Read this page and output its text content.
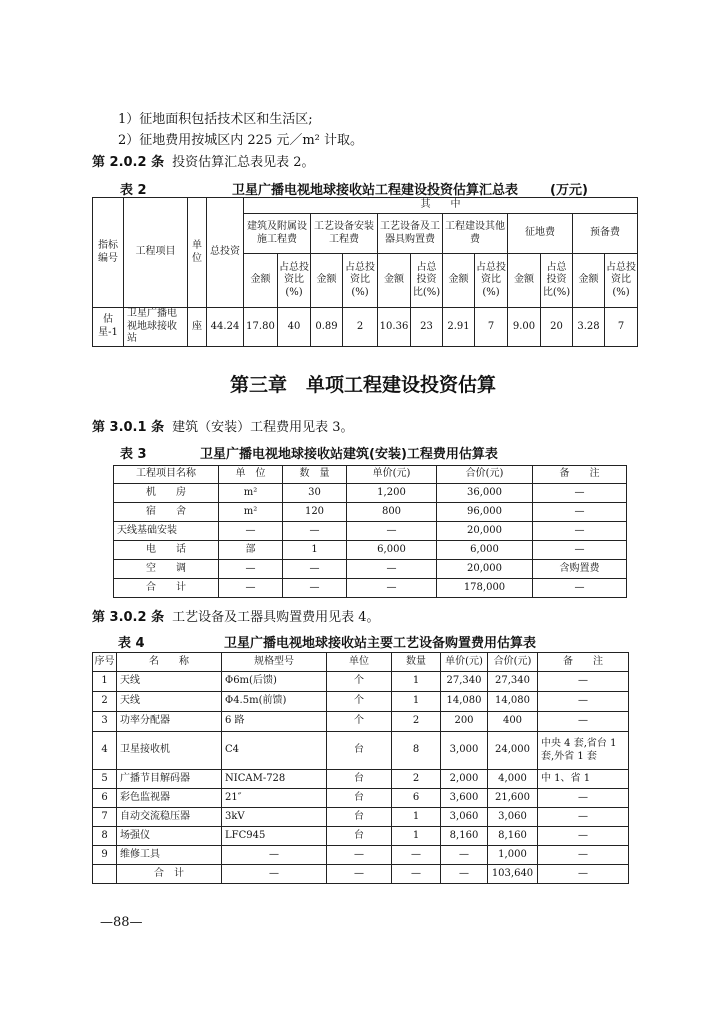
1）征地面积包括技术区和生活区;
2）征地费用按城区内 225 元／m² 计取。
第 2.0.2 条 投资估算汇总表见表 2。
表 2	卫星广播电视地球接收站工程建设投资估算汇总表 (万元)
指标编号	工程项目	单位	总投资	其　　中											
				建筑及附属设施工程费		工艺设备安装工程费		工艺设备及工器具购置费		工程建设其他费		征地费		预备费	
				金额	占总投资比(%)	金额	占总投资比(%)	金额	占总投资比(%)	金额	占总投资比(%)	金额	占总投资比(%)	金额	占总投资比(%)
估星-1	卫星广播电视地球接收站	座	44.24	17.80	40	0.89	2	10.36	23	2.91	7	9.00	20	3.28	7
第三章　单项工程建设投资估算
第 3.0.1 条 建筑（安装）工程费用见表 3。
表 3	卫星广播电视地球接收站建筑(安装)工程费用估算表
工程项目名称	单　位	数　量	单价(元)	合价(元)	备　　注
机　　房	m²	30	1,200	36,000	—
宿　　舍	m²	120	800	96,000	—
天线基础安装	—	—	—	20,000	—
电　　话	部	1	6,000	6,000	—
空　　调	—	—	—	20,000	含购置费
合　　计	—	—	—	178,000	—
第 3.0.2 条 工艺设备及工器具购置费用见表 4。
表 4	卫星广播电视地球接收站主要工艺设备购置费用估算表
序号	名　　称	规格型号	单位	数量	单价(元)	合价(元)	备　　注
1	天线	Φ6m(后馈)	个	1	27,340	27,340	—
2	天线	Φ4.5m(前馈)	个	1	14,080	14,080	—
3	功率分配器	6 路	个	2	200	400	—
4	卫星接收机	C4	台	8	3,000	24,000	中央 4 套,省台 1 套,外省 1 套
5	广播节目解码器	NICAM-728	台	2	2,000	4,000	中 1、省 1
6	彩色监视器	21″	台	6	3,600	21,600	—
7	自动交流稳压器	3kV	台	1	3,060	3,060	—
8	场强仪	LFC945	台	1	8,160	8,160	—
9	维修工具	—	—	—	—	1,000	—
	合　计	—	—	—	—	103,640	—
—88—
